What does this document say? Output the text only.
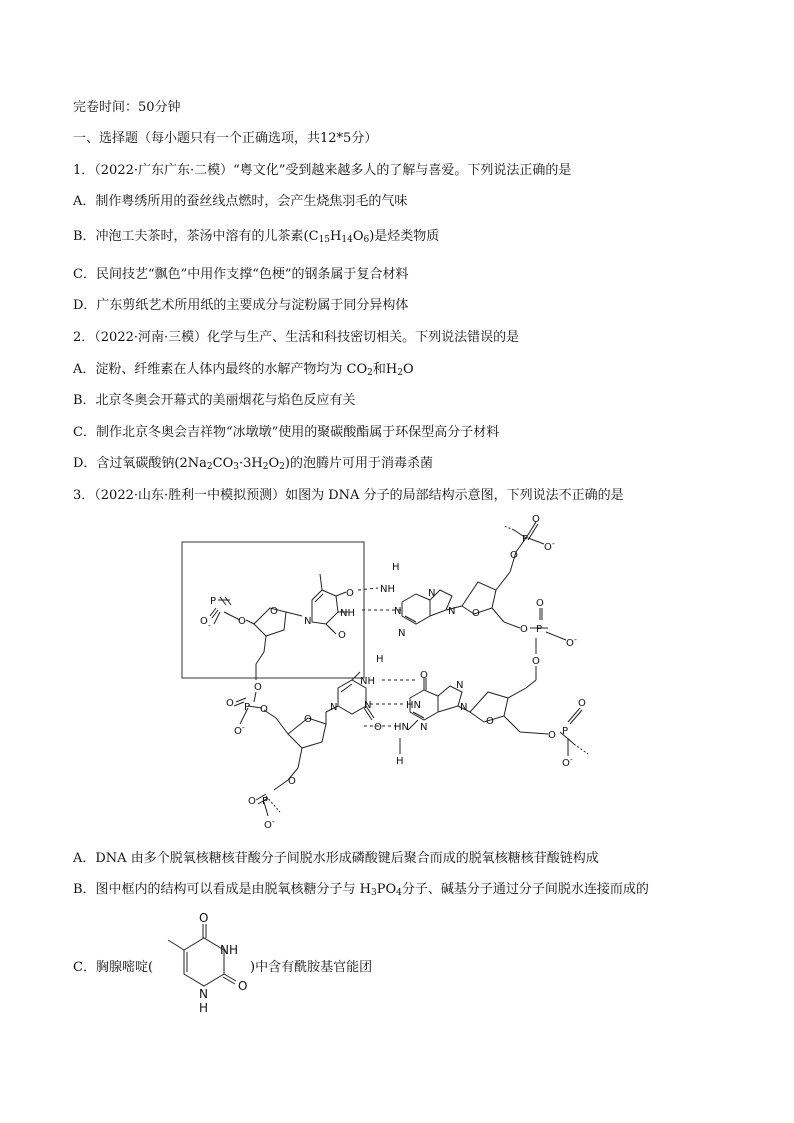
完卷时间：50分钟
一、选择题（每小题只有一个正确选项，共12*5分）
1．（2022·广东广东·二模）“粤文化”受到越来越多人的了解与喜爱。下列说法正确的是
A．制作粤绣所用的蚕丝线点燃时，会产生烧焦羽毛的气味
B．冲泡工夫茶时，茶汤中溶有的儿茶素$(C_{15}H_{14}O_6)$是烃类物质
C．民间技艺“飘色”中用作支撑“色梗”的钢条属于复合材料
D．广东剪纸艺术所用纸的主要成分与淀粉属于同分异构体
2．（2022·河南·三模）化学与生产、生活和科技密切相关。下列说法错误的是
A．淀粉、纤维素在人体内最终的水解产物均为 $CO_2$和$H_2O$
B．北京冬奥会开幕式的美丽烟花与焰色反应有关
C．制作北京冬奥会吉祥物“冰墩墩”使用的聚碳酸酯属于环保型高分子材料
D．含过氧碳酸钠$(2Na_2CO_3\cdot 3H_2O_2)$的泡腾片可用于消毒杀菌
3．（2022·山东·胜利一中模拟预测）如图为 DNA 分子的局部结构示意图，下列说法不正确的是
P
O -	O
O
N
O
NH
O
H
NH	N
N
N
N O
O
P
O -
O
O
O
P
O -
O
O
O P
O
O -
O
N
N
HN
N
HN
H
H
NH
N
O
N
O
O
P
O
O -
O
O
P
O
O -
A．DNA 由多个脱氧核糖核苷酸分子间脱水形成磷酸键后聚合而成的脱氧核糖核苷酸链构成
B．图中框内的结构可以看成是由脱氧核糖分子与 $H_3PO_4$分子、碱基分子通过分子间脱水连接而成的
C．胸腺嘧啶(
O
NH
O
N
H
)中含有酰胺基官能团
